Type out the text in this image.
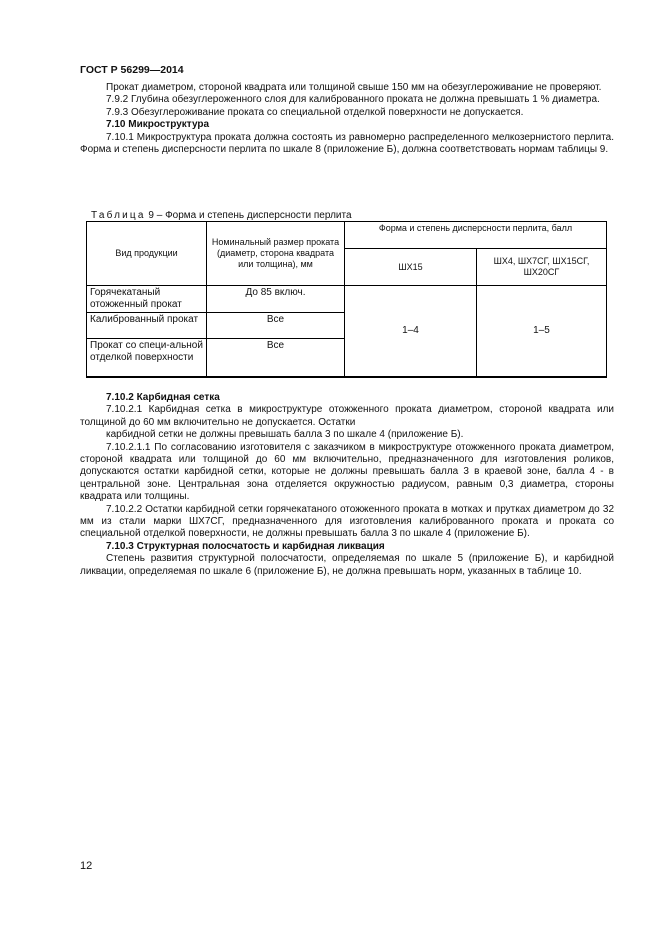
ГОСТ Р 56299—2014

Прокат диаметром, стороной квадрата или толщиной свыше 150 мм на обезуглероживание не проверяют.

7.9.2 Глубина обезуглероженного слоя для калиброванного проката не должна превышать 1 % диаметра.

7.9.3 Обезуглероживание проката со специальной отделкой поверхности не допускается.

7.10 Микроструктура

7.10.1 Микроструктура проката должна состоять из равномерно распределенного мелкозернистого перлита. Форма и степень дисперсности перлита по шкале 8 (приложение Б), должна соответствовать нормам таблицы 9.

Таблица 9 – Форма и степень дисперсности перлита
Вид продукции	Номинальный размер проката (диаметр, сторона квадрата или толщина), мм	Форма и степень дисперсности перлита, балл	
		ШХ15	ШХ4, ШХ7СГ, ШХ15СГ, ШХ20СГ
Горячекатаный отожженный прокат	До 85 включ.	1–4	1–5
Калиброванный прокат	Все		
Прокат со специ-альной отделкой поверхности	Все		

7.10.2 Карбидная сетка

7.10.2.1 Карбидная сетка в микроструктуре отожженного проката диаметром, стороной квадрата или толщиной до 60 мм включительно не допускается. Остатки

карбидной сетки не должны превышать балла 3 по шкале 4 (приложение Б).

7.10.2.1.1 По согласованию изготовителя с заказчиком в микроструктуре отожженного проката диаметром, стороной квадрата или толщиной до 60 мм включительно, предназначенного для изготовления роликов, допускаются остатки карбидной сетки, которые не должны превышать балла 3 в краевой зоне, балла 4 - в центральной зоне. Центральная зона отделяется окружностью радиусом, равным 0,3 диаметра, стороны квадрата или толщины.

7.10.2.2 Остатки карбидной сетки горячекатаного отожженного проката в мотках и прутках диаметром до 32 мм из стали марки ШХ7СГ, предназначенного для изготовления калиброванного проката и проката со специальной отделкой поверхности, не должны превышать балла 3 по шкале 4 (приложение Б).

7.10.3 Структурная полосчатость и карбидная ликвация

Степень развития структурной полосчатости, определяемая по шкале 5 (приложение Б), и карбидной ликвации, определяемая по шкале 6 (приложение Б), не должна превышать норм, указанных в таблице 10.

12
